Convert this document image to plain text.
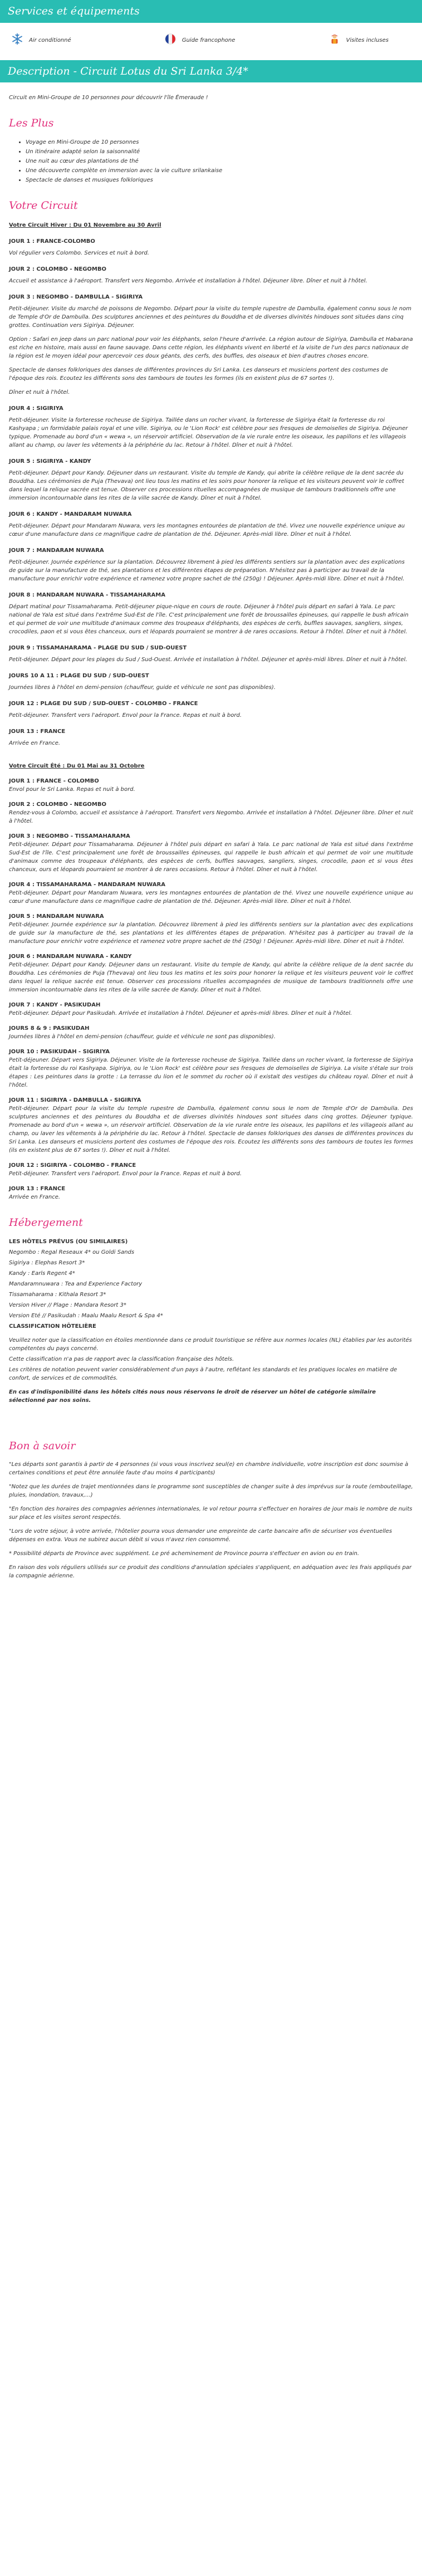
Services et équipements
Air conditionné	Guide francophone	Visites incluses
Description - Circuit Lotus du Sri Lanka 3/4*

Circuit en Mini-Groupe de 10 personnes pour découvrir l'île Émeraude !

Les Plus
• Voyage en Mini-Groupe de 10 personnes
• Un itinéraire adapté selon la saisonnalité
• Une nuit au cœur des plantations de thé
• Une découverte complète en immersion avec la vie culture srilankaise
• Spectacle de danses et musiques folkloriques
Votre Circuit
Votre Circuit Hiver : Du 01 Novembre au 30 Avril
JOUR 1 : FRANCE-COLOMBO

Vol régulier vers Colombo. Services et nuit à bord.

JOUR 2 : COLOMBO - NEGOMBO

Accueil et assistance à l'aéroport. Transfert vers Negombo. Arrivée et installation à l'hôtel. Déjeuner libre. Dîner et nuit à l'hôtel.

JOUR 3 : NEGOMBO - DAMBULLA - SIGIRIYA

Petit-déjeuner. Visite du marché de poissons de Negombo. Départ pour la visite du temple rupestre de Dambulla, également connu sous le nom de Temple d'Or de Dambulla. Des sculptures anciennes et des peintures du Bouddha et de diverses divinités hindoues sont situées dans cinq grottes. Continuation vers Sigiriya. Déjeuner.

Option : Safari en jeep dans un parc national pour voir les éléphants, selon l'heure d'arrivée. La région autour de Sigiriya, Dambulla et Habarana est riche en histoire, mais aussi en faune sauvage. Dans cette région, les éléphants vivent en liberté et la visite de l'un des parcs nationaux de la région est le moyen idéal pour apercevoir ces doux géants, des cerfs, des buffles, des oiseaux et bien d'autres choses encore.

Spectacle de danses folkloriques des danses de différentes provinces du Sri Lanka. Les danseurs et musiciens portent des costumes de l'époque des rois. Ecoutez les différents sons des tambours de toutes les formes (ils en existent plus de 67 sortes !).

Dîner et nuit à l'hôtel.

JOUR 4 : SIGIRIYA

Petit-déjeuner. Visite la forteresse rocheuse de Sigiriya. Taillée dans un rocher vivant, la forteresse de Sigiriya était la forteresse du roi Kashyapa ; un formidable palais royal et une ville. Sigiriya, ou le 'Lion Rock' est célèbre pour ses fresques de demoiselles de Sigiriya. Déjeuner typique. Promenade au bord d'un « wewa », un réservoir artificiel. Observation de la vie rurale entre les oiseaux, les papillons et les villageois allant au champ, ou laver les vêtements à la périphérie du lac. Retour à l'hôtel. Dîner et nuit à l'hôtel.

JOUR 5 : SIGIRIYA - KANDY

Petit-déjeuner. Départ pour Kandy. Déjeuner dans un restaurant. Visite du temple de Kandy, qui abrite la célèbre relique de la dent sacrée du Bouddha. Les cérémonies de Puja (Thevava) ont lieu tous les matins et les soirs pour honorer la relique et les visiteurs peuvent voir le coffret dans lequel la relique sacrée est tenue. Observer ces processions rituelles accompagnées de musique de tambours traditionnels offre une immersion incontournable dans les rites de la ville sacrée de Kandy. Dîner et nuit à l'hôtel.

JOUR 6 : KANDY - MANDARAM NUWARA

Petit-déjeuner. Départ pour Mandaram Nuwara, vers les montagnes entourées de plantation de thé. Vivez une nouvelle expérience unique au cœur d'une manufacture dans ce magnifique cadre de plantation de thé. Déjeuner. Après-midi libre. Dîner et nuit à l'hôtel.

JOUR 7 : MANDARAM NUWARA

Petit-déjeuner. Journée expérience sur la plantation. Découvrez librement à pied les différents sentiers sur la plantation avec des explications de guide sur la manufacture de thé, ses plantations et les différentes étapes de préparation. N'hésitez pas à participer au travail de la manufacture pour enrichir votre expérience et ramenez votre propre sachet de thé (250g) ! Déjeuner. Après-midi libre. Dîner et nuit à l'hôtel.

JOUR 8 : MANDARAM NUWARA - TISSAMAHARAMA

Départ matinal pour Tissamaharama. Petit-déjeuner pique-nique en cours de route. Déjeuner à l'hôtel puis départ en safari à Yala. Le parc national de Yala est situé dans l'extrême Sud-Est de l'île. C'est principalement une forêt de broussailles épineuses, qui rappelle le bush africain et qui permet de voir une multitude d'animaux comme des troupeaux d'éléphants, des espèces de cerfs, buffles sauvages, sangliers, singes, crocodiles, paon et si vous êtes chanceux, ours et léopards pourraient se montrer à de rares occasions. Retour à l'hôtel. Dîner et nuit à l'hôtel.

JOUR 9 : TISSAMAHARAMA - PLAGE DU SUD / SUD-OUEST

Petit-déjeuner. Départ pour les plages du Sud / Sud-Ouest. Arrivée et installation à l'hôtel. Déjeuner et après-midi libres. Dîner et nuit à l'hôtel.

JOURS 10 A 11 : PLAGE DU SUD / SUD-OUEST

Journées libres à l'hôtel en demi-pension (chauffeur, guide et véhicule ne sont pas disponibles).

JOUR 12 : PLAGE DU SUD / SUD-OUEST - COLOMBO - FRANCE

Petit-déjeuner. Transfert vers l'aéroport. Envol pour la France. Repas et nuit à bord.

JOUR 13 : FRANCE

Arrivée en France.

Votre Circuit Été : Du 01 Mai au 31 Octobre
JOUR 1 : FRANCE - COLOMBO

Envol pour le Sri Lanka. Repas et nuit à bord.

JOUR 2 : COLOMBO - NEGOMBO

Rendez-vous à Colombo, accueil et assistance à l'aéroport. Transfert vers Negombo. Arrivée et installation à l'hôtel. Déjeuner libre. Dîner et nuit à l'hôtel.

JOUR 3 : NEGOMBO - TISSAMAHARAMA

Petit-déjeuner. Départ pour Tissamaharama. Déjeuner à l'hôtel puis départ en safari à Yala. Le parc national de Yala est situé dans l'extrême Sud-Est de l'île. C'est principalement une forêt de broussailles épineuses, qui rappelle le bush africain et qui permet de voir une multitude d'animaux comme des troupeaux d'éléphants, des espèces de cerfs, buffles sauvages, sangliers, singes, crocodile, paon et si vous êtes chanceux, ours et léopards pourraient se montrer à de rares occasions. Retour à l'hôtel. Dîner et nuit à l'hôtel.

JOUR 4 : TISSAMAHARAMA - MANDARAM NUWARA

Petit-déjeuner. Départ pour Mandaram Nuwara, vers les montagnes entourées de plantation de thé. Vivez une nouvelle expérience unique au cœur d'une manufacture dans ce magnifique cadre de plantation de thé. Déjeuner. Après-midi libre. Dîner et nuit à l'hôtel.

JOUR 5 : MANDARAM NUWARA

Petit-déjeuner. Journée expérience sur la plantation. Découvrez librement à pied les différents sentiers sur la plantation avec des explications de guide sur la manufacture de thé, ses plantations et les différentes étapes de préparation. N'hésitez pas à participer au travail de la manufacture pour enrichir votre expérience et ramenez votre propre sachet de thé (250g) ! Déjeuner. Après-midi libre. Dîner et nuit à l'hôtel.

JOUR 6 : MANDARAM NUWARA - KANDY

Petit-déjeuner. Départ pour Kandy. Déjeuner dans un restaurant. Visite du temple de Kandy, qui abrite la célèbre relique de la dent sacrée du Bouddha. Les cérémonies de Puja (Thevava) ont lieu tous les matins et les soirs pour honorer la relique et les visiteurs peuvent voir le coffret dans lequel la relique sacrée est tenue. Observer ces processions rituelles accompagnées de musique de tambours traditionnels offre une immersion incontournable dans les rites de la ville sacrée de Kandy. Dîner et nuit à l'hôtel.

JOUR 7 : KANDY - PASIKUDAH

Petit-déjeuner. Départ pour Pasikudah. Arrivée et installation à l'hôtel. Déjeuner et après-midi libres. Dîner et nuit à l'hôtel.

JOURS 8 & 9 : PASIKUDAH

Journées libres à l'hôtel en demi-pension (chauffeur, guide et véhicule ne sont pas disponibles).

JOUR 10 : PASIKUDAH - SIGIRIYA

Petit-déjeuner. Départ vers Sigiriya. Déjeuner. Visite de la forteresse rocheuse de Sigiriya. Taillée dans un rocher vivant, la forteresse de Sigiriya était la forteresse du roi Kashyapa. Sigiriya, ou le 'Lion Rock' est célèbre pour ses fresques de demoiselles de Sigiriya. La visite s'étale sur trois étapes : Les peintures dans la grotte : La terrasse du lion et le sommet du rocher où il existait des vestiges du château royal. Dîner et nuit à l'hôtel.

JOUR 11 : SIGIRIYA - DAMBULLA - SIGIRIYA

Petit-déjeuner. Départ pour la visite du temple rupestre de Dambulla, également connu sous le nom de Temple d'Or de Dambulla. Des sculptures anciennes et des peintures du Bouddha et de diverses divinités hindoues sont situées dans cinq grottes. Déjeuner typique. Promenade au bord d'un « wewa », un réservoir artificiel. Observation de la vie rurale entre les oiseaux, les papillons et les villageois allant au champ, ou laver les vêtements à la périphérie du lac. Retour à l'hôtel. Spectacle de danses folkloriques des danses de différentes provinces du Sri Lanka. Les danseurs et musiciens portent des costumes de l'époque des rois. Ecoutez les différents sons des tambours de toutes les formes (ils en existent plus de 67 sortes !). Dîner et nuit à l'hôtel.

JOUR 12 : SIGIRIYA - COLOMBO - FRANCE

Petit-déjeuner. Transfert vers l'aéroport. Envol pour la France. Repas et nuit à bord.

JOUR 13 : FRANCE

Arrivée en France.

Hébergement
LES HÔTELS PRÉVUS (OU SIMILAIRES)

Negombo : Regal Reseaux 4* ou Goldi Sands

Sigiriya : Elephas Resort 3*

Kandy : Earls Regent 4*

Mandaramnuwara : Tea and Experience Factory

Tissamaharama : Kithala Resort 3*

Version Hiver // Plage : Mandara Resort 3*

Version Eté // Pasikudah : Maalu Maalu Resort & Spa 4*

CLASSIFICATION HÔTELIÈRE

Veuillez noter que la classification en étoiles mentionnée dans ce produit touristique se réfère aux normes locales (NL) établies par les autorités compétentes du pays concerné.

Cette classification n'a pas de rapport avec la classification française des hôtels.

Les critères de notation peuvent varier considérablement d'un pays à l'autre, reflétant les standards et les pratiques locales en matière de confort, de services et de commodités.

En cas d'indisponibilité dans les hôtels cités nous nous réservons le droit de réserver un hôtel de catégorie similaire sélectionné par nos soins.

Bon à savoir

"Les départs sont garantis à partir de 4 personnes (si vous vous inscrivez seul(e) en chambre individuelle, votre inscription est donc soumise à certaines conditions et peut être annulée faute d'au moins 4 participants)

"Notez que les durées de trajet mentionnées dans le programme sont susceptibles de changer suite à des imprévus sur la route (embouteillage, pluies, inondation, travaux,...)

"En fonction des horaires des compagnies aériennes internationales, le vol retour pourra s'effectuer en horaires de jour mais le nombre de nuits sur place et les visites seront respectés.

"Lors de votre séjour, à votre arrivée, l'hôtelier pourra vous demander une empreinte de carte bancaire afin de sécuriser vos éventuelles dépenses en extra. Vous ne subirez aucun débit si vous n'avez rien consommé.

* Possibilité départs de Province avec supplément. Le pré acheminement de Province pourra s'effectuer en avion ou en train.

En raison des vols réguliers utilisés sur ce produit des conditions d'annulation spéciales s'appliquent, en adéquation avec les frais appliqués par la compagnie aérienne.
